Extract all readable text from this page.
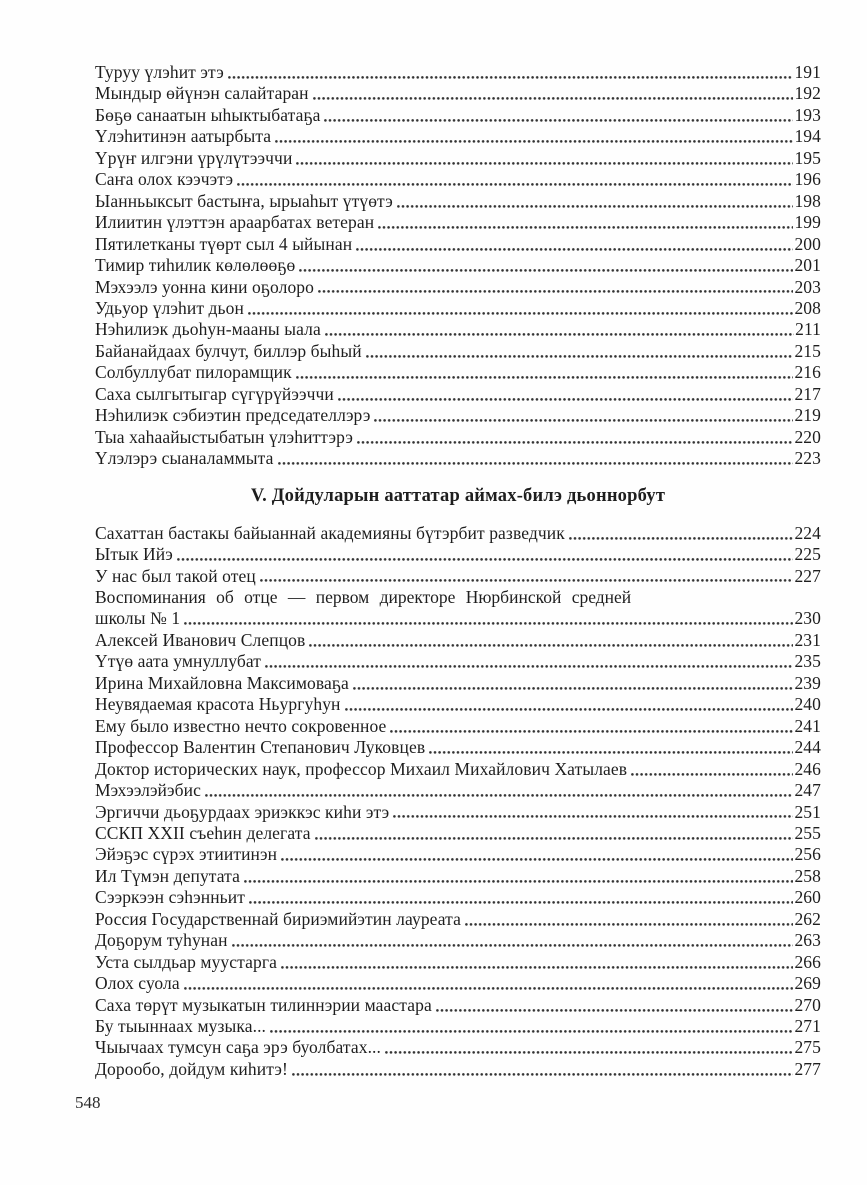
Туруу үлэһит этэ	191
Мындыр өйүнэн салайтаран	192
Бөҕө санаатын ыһыктыбатаҕа	193
Үлэһитинэн аатырбыта	194
Үрүҥ илгэни үрүлүтээччи	195
Саҥа олох кээчэтэ	196
Ыанньыксыт бастыҥа, ырыаһыт үтүөтэ	198
Илиитин үлэттэн араарбатах ветеран	199
Пятилетканы түөрт сыл 4 ыйынан	200
Тимир тиһилик көлөлөөҕө	201
Мэхээлэ уонна кини оҕолоро	203
Удьуор үлэһит дьон	208
Нэһилиэк дьоһун-мааны ыала	211
Байанайдаах булчут, биллэр быһый	215
Солбуллубат пилорамщик	216
Саха сылгытыгар сүгүрүйээччи	217
Нэһилиэк сэбиэтин председателлэрэ	219
Тыа хаһаайыстыбатын үлэһиттэрэ	220
Үлэлэрэ сыаналаммыта	223
V. Дойдуларын ааттатар аймах-билэ дьоннорбут
Сахаттан бастакы байыаннай академияны бүтэрбит разведчик	224
Ытык Ийэ	225
У нас был такой отец	227
Воспоминания об отце — первом директоре Нюрбинской средней
школы № 1	230
Алексей Иванович Слепцов	231
Үтүө аата умнуллубат	235
Ирина Михайловна Максимоваҕа	239
Неувядаемая красота Ньургуһун	240
Ему было известно нечто сокровенное	241
Профессор Валентин Степанович Луковцев	244
Доктор исторических наук, профессор Михаил Михайлович Хатылаев	246
Мэхээлэйэбис	247
Эргиччи дьоҕурдаах эриэккэс киһи этэ	251
ССКП XXII съеһин делегата	255
Эйэҕэс сүрэх этиитинэн	256
Ил Түмэн депутата	258
Сээркээн сэһэнньит	260
Россия Государственнай бириэмийэтин лауреата	262
Доҕорум туһунан	263
Уста сылдьар муустарга	266
Олох суола	269
Саха төрүт музыкатын тилиннэрии маастара	270
Бу тыыннаах музыка...	271
Чыычаах тумсун саҕа эрэ буолбатах...	275
Дорообо, дойдум киһитэ!	277
548
